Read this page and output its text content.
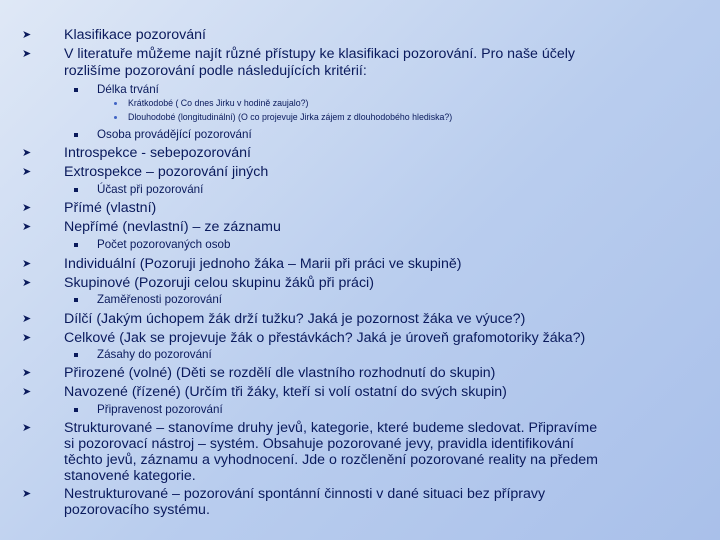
➤ Klasifikace pozorování
➤ V literatuře můžeme najít různé přístupy ke klasifikaci pozorování. Pro naše účely
rozlišíme pozorování podle následujících kritérií:
Délka trvání
Krátkodobé ( Co dnes Jirku v hodině zaujalo?)
Dlouhodobé (longitudinální) (O co projevuje Jirka zájem z dlouhodobého hlediska?)
Osoba provádějící pozorování
➤ Introspekce - sebepozorování
➤ Extrospekce – pozorování jiných
Účast při pozorování
➤ Přímé (vlastní)
➤ Nepřímé (nevlastní) – ze záznamu
Počet pozorovaných osob
➤ Individuální (Pozoruji jednoho žáka – Marii při práci ve skupině)
➤ Skupinové (Pozoruji celou skupinu žáků při práci)
Zaměřenosti pozorování
➤ Dílčí (Jakým úchopem žák drží tužku? Jaká je pozornost žáka ve výuce?)
➤ Celkové (Jak se projevuje žák o přestávkách? Jaká je úroveň grafomotoriky žáka?)
Zásahy do pozorování
➤ Přirozené (volné) (Děti se rozdělí dle vlastního rozhodnutí do skupin)
➤ Navozené (řízené) (Určím tři žáky, kteří si volí ostatní do svých skupin)
Připravenost pozorování
➤ Strukturované – stanovíme druhy jevů, kategorie, které budeme sledovat. Připravíme
si pozorovací nástroj – systém. Obsahuje pozorované jevy, pravidla identifikování
těchto jevů, záznamu a vyhodnocení. Jde o rozčlenění pozorované reality na předem
stanovené kategorie.
➤ Nestrukturované – pozorování spontánní činnosti v dané situaci bez přípravy
pozorovacího systému.
